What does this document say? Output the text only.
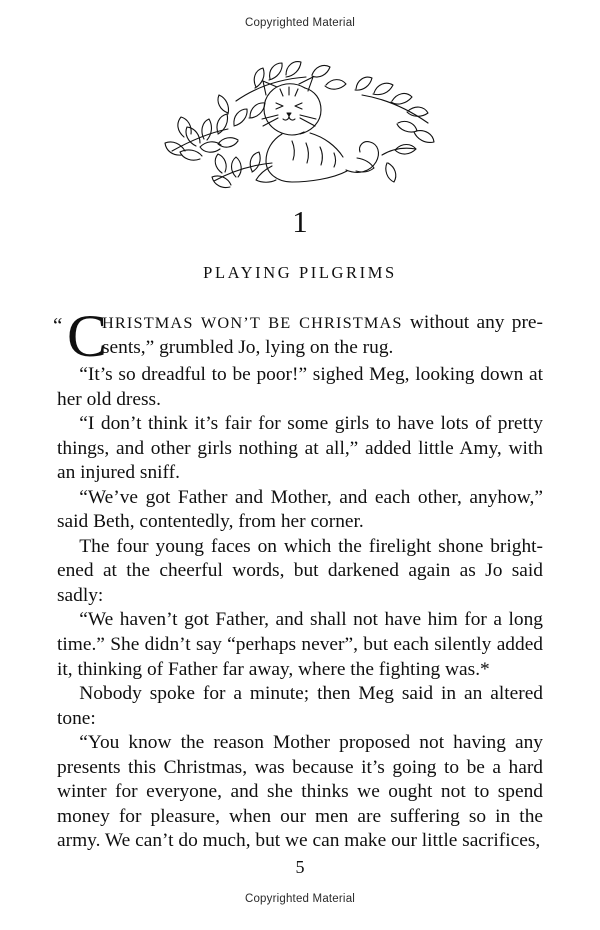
Copyrighted Material
1
PLAYING PILGRIMS

“ C
HRISTMAS WON’T BE CHRISTMAS without any pre-sents,” grumbled Jo, lying on the rug.

“It’s so dreadful to be poor!” sighed Meg, looking down at her old dress.

“I don’t think it’s fair for some girls to have lots of pretty things, and other girls nothing at all,” added little Amy, with an injured sniff.

“We’ve got Father and Mother, and each other, anyhow,” said Beth, contentedly, from her corner.

The four young faces on which the firelight shone bright-ened at the cheerful words, but darkened again as Jo said sadly:

“We haven’t got Father, and shall not have him for a long time.” She didn’t say “perhaps never”, but each silently added it, thinking of Father far away, where the fighting was.*

Nobody spoke for a minute; then Meg said in an altered tone:

“You know the reason Mother proposed not having any presents this Christmas, was because it’s going to be a hard winter for everyone, and she thinks we ought not to spend money for pleasure, when our men are suffering so in the army. We can’t do much, but we can make our little sacrifices,

5
Copyrighted Material
